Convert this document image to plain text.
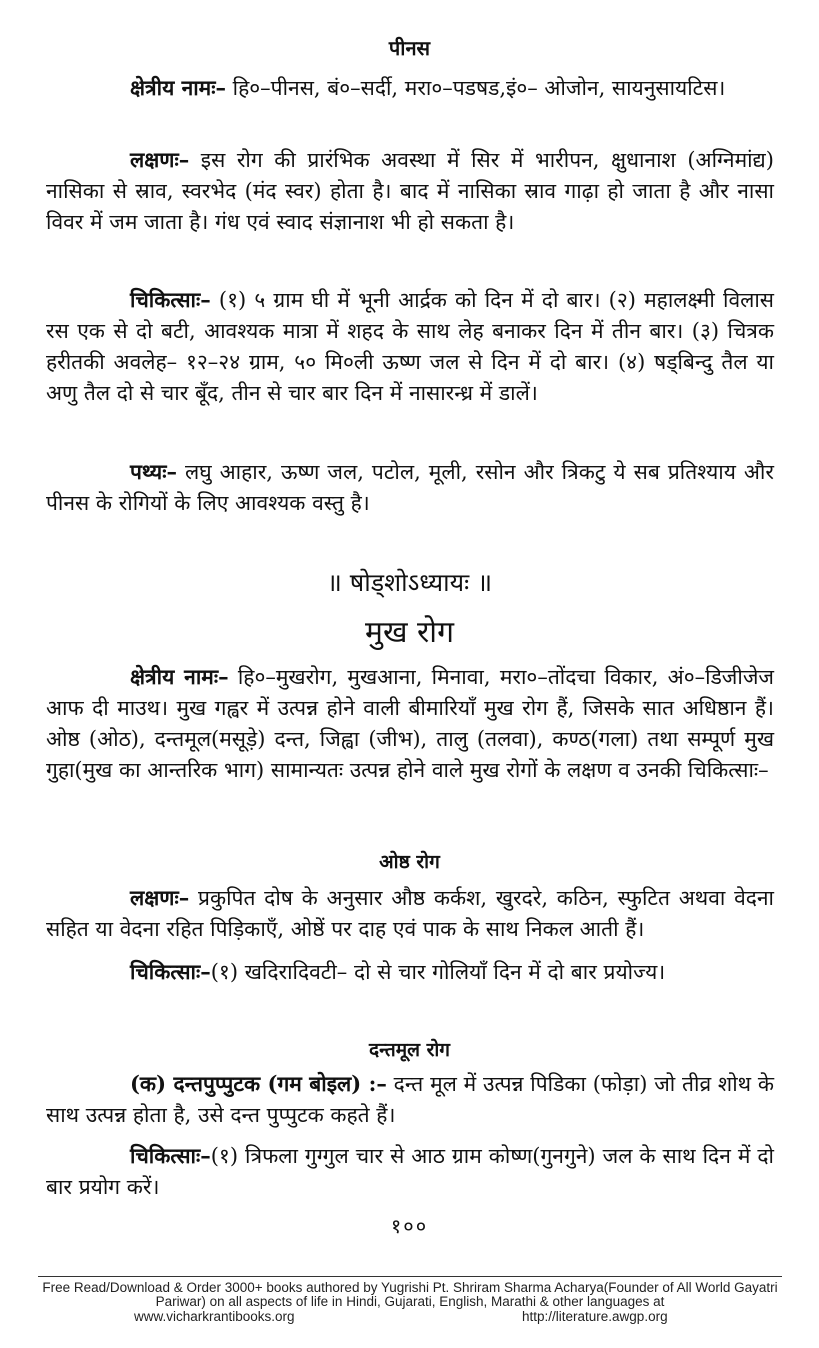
पीनस

क्षेत्रीय नामः– हि०–पीनस, बं०–सर्दी, मरा०–पडषड,इं०– ओजोन, सायनुसायटिस।

लक्षणः– इस रोग की प्रारंभिक अवस्था में सिर में भारीपन, क्षुधानाश (अग्निमांद्य) नासिका से स्राव, स्वरभेद (मंद स्वर) होता है। बाद में नासिका स्राव गाढ़ा हो जाता है और नासा विवर में जम जाता है। गंध एवं स्वाद संज्ञानाश भी हो सकता है।

चिकित्साः– (१) ५ ग्राम घी में भूनी आर्द्रक को दिन में दो बार। (२) महालक्ष्मी विलास रस एक से दो बटी, आवश्यक मात्रा में शहद के साथ लेह बनाकर दिन में तीन बार। (३) चित्रक हरीतकी अवलेह– १२–२४ ग्राम, ५० मि०ली ऊष्ण जल से दिन में दो बार। (४) षड्बिन्दु तैल या अणु तैल दो से चार बूँद, तीन से चार बार दिन में नासारन्ध्र में डालें।

पथ्यः– लघु आहार, ऊष्ण जल, पटोल, मूली, रसोन और त्रिकटु ये सब प्रतिश्याय और पीनस के रोगियों के लिए आवश्यक वस्तु है।

॥ षोड्शोऽध्यायः ॥
मुख रोग

क्षेत्रीय नामः– हि०–मुखरोग, मुखआना, मिनावा, मरा०–तोंदचा विकार, अं०–डिजीजेज आफ दी माउथ। मुख गह्वर में उत्पन्न होने वाली बीमारियाँ मुख रोग हैं, जिसके सात अधिष्ठान हैं। ओष्ठ (ओठ), दन्तमूल(मसूड़े) दन्त, जिह्वा (जीभ), तालु (तलवा), कण्ठ(गला) तथा सम्पूर्ण मुख गुहा(मुख का आन्तरिक भाग) सामान्यतः उत्पन्न होने वाले मुख रोगों के लक्षण व उनकी चिकित्साः–

ओष्ठ रोग

लक्षणः– प्रकुपित दोष के अनुसार औष्ठ कर्कश, खुरदरे, कठिन, स्फुटित अथवा वेदना सहित या वेदना रहित पिड़िकाएँ, ओष्ठें पर दाह एवं पाक के साथ निकल आती हैं।

चिकित्साः–(१) खदिरादिवटी– दो से चार गोलियाँ दिन में दो बार प्रयोज्य।

दन्तमूल रोग

(क) दन्तपुप्पुटक (गम बोइल) :– दन्त मूल में उत्पन्न पिडिका (फोड़ा) जो तीव्र शोथ के साथ उत्पन्न होता है, उसे दन्त पुप्पुटक कहते हैं।

चिकित्साः–(१) त्रिफला गुग्गुल चार से आठ ग्राम कोष्ण(गुनगुने) जल के साथ दिन में दो बार प्रयोग करें।

१००
Free Read/Download & Order 3000+ books authored by Yugrishi Pt. Shriram Sharma Acharya(Founder of All World Gayatri Pariwar) on all aspects of life in Hindi, Gujarati, English, Marathi & other languages at
www.vicharkrantibooks.org	http://literature.awgp.org
